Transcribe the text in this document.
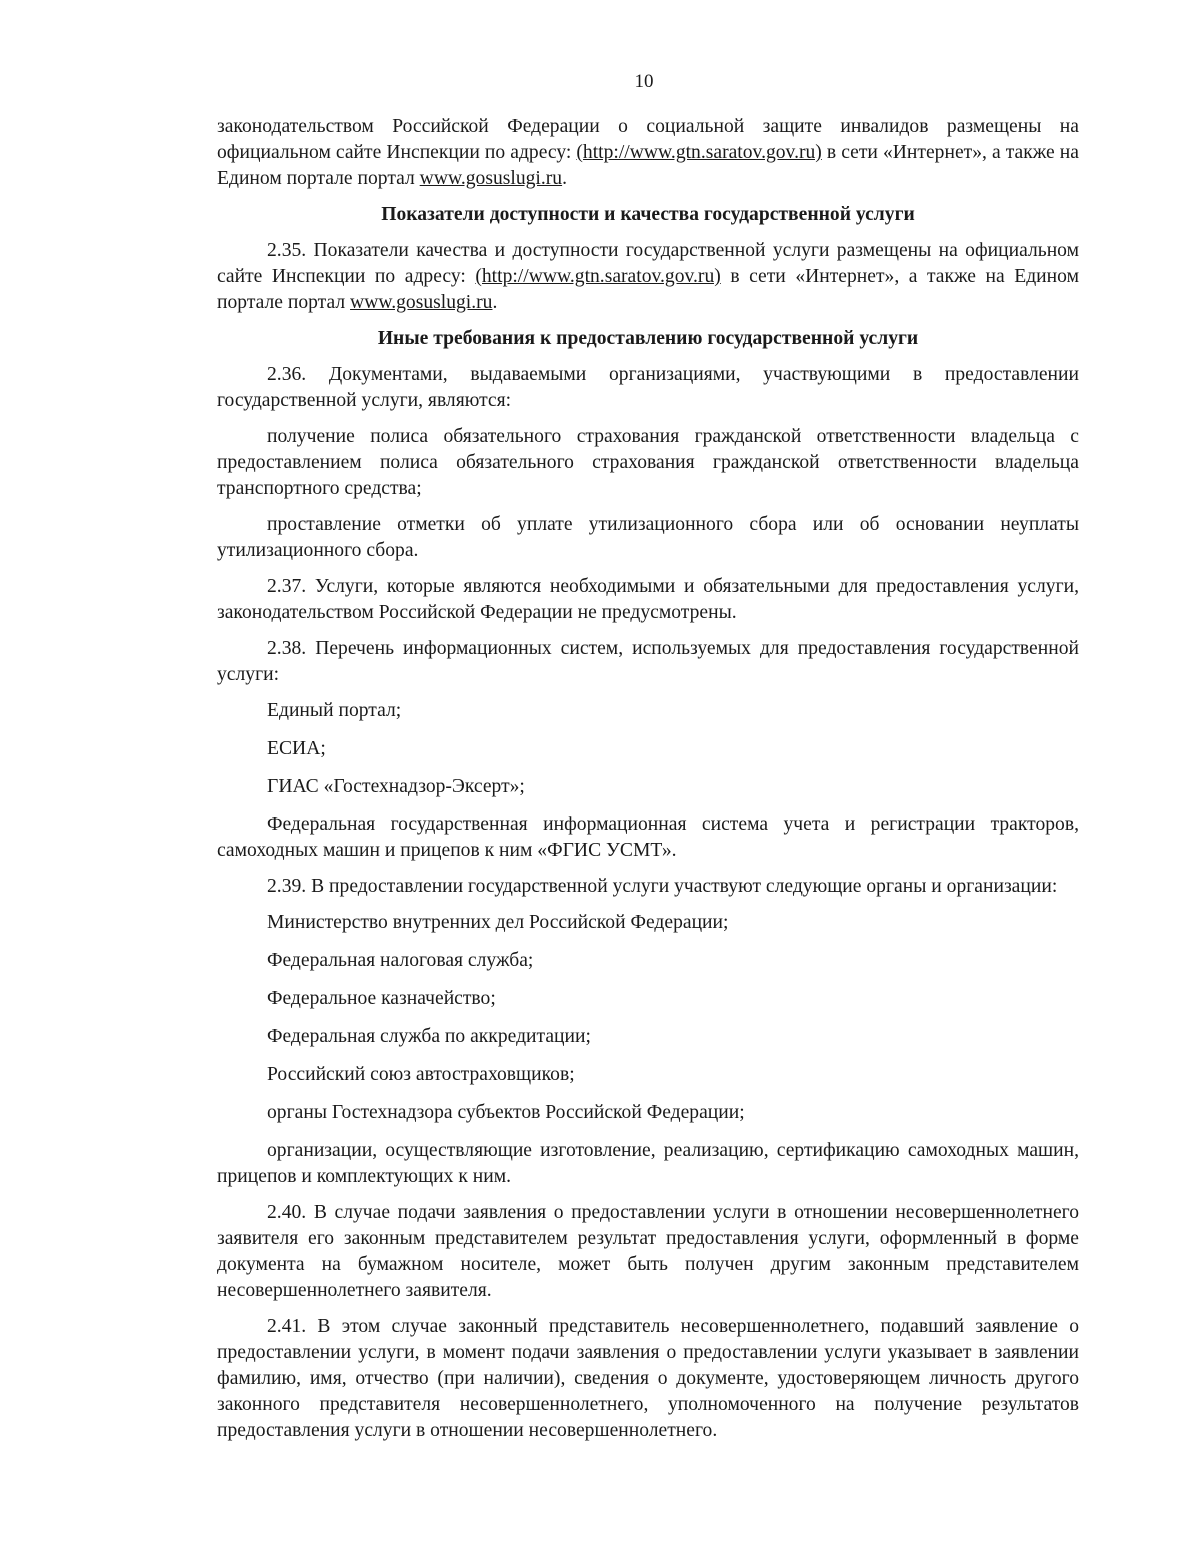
10

законодательством Российской Федерации о социальной защите инвалидов размещены на официальном сайте Инспекции по адресу: (http://www.gtn.saratov.gov.ru) в сети «Интернет», а также на Едином портале портал www.gosuslugi.ru.

Показатели доступности и качества государственной услуги

2.35. Показатели качества и доступности государственной услуги размещены на официальном сайте Инспекции по адресу: (http://www.gtn.saratov.gov.ru) в сети «Интернет», а также на Едином портале портал www.gosuslugi.ru.

Иные требования к предоставлению государственной услуги

2.36. Документами, выдаваемыми организациями, участвующими в предоставлении государственной услуги, являются:

получение полиса обязательного страхования гражданской ответственности владельца с предоставлением полиса обязательного страхования гражданской ответственности владельца транспортного средства;

проставление отметки об уплате утилизационного сбора или об основании неуплаты утилизационного сбора.

2.37. Услуги, которые являются необходимыми и обязательными для предоставления услуги, законодательством Российской Федерации не предусмотрены.

2.38. Перечень информационных систем, используемых для предоставления государственной услуги:

Единый портал;

ЕСИА;

ГИАС «Гостехнадзор-Эксерт»;

Федеральная государственная информационная система учета и регистрации тракторов, самоходных машин и прицепов к ним «ФГИС УСМТ».

2.39. В предоставлении государственной услуги участвуют следующие органы и организации:

Министерство внутренних дел Российской Федерации;

Федеральная налоговая служба;

Федеральное казначейство;

Федеральная служба по аккредитации;

Российский союз автостраховщиков;

органы Гостехнадзора субъектов Российской Федерации;

организации, осуществляющие изготовление, реализацию, сертификацию самоходных машин, прицепов и комплектующих к ним.

2.40. В случае подачи заявления о предоставлении услуги в отношении несовершеннолетнего заявителя его законным представителем результат предоставления услуги, оформленный в форме документа на бумажном носителе, может быть получен другим законным представителем несовершеннолетнего заявителя.

2.41. В этом случае законный представитель несовершеннолетнего, подавший заявление о предоставлении услуги, в момент подачи заявления о предоставлении услуги указывает в заявлении фамилию, имя, отчество (при наличии), сведения о документе, удостоверяющем личность другого законного представителя несовершеннолетнего, уполномоченного на получение результатов предоставления услуги в отношении несовершеннолетнего.
